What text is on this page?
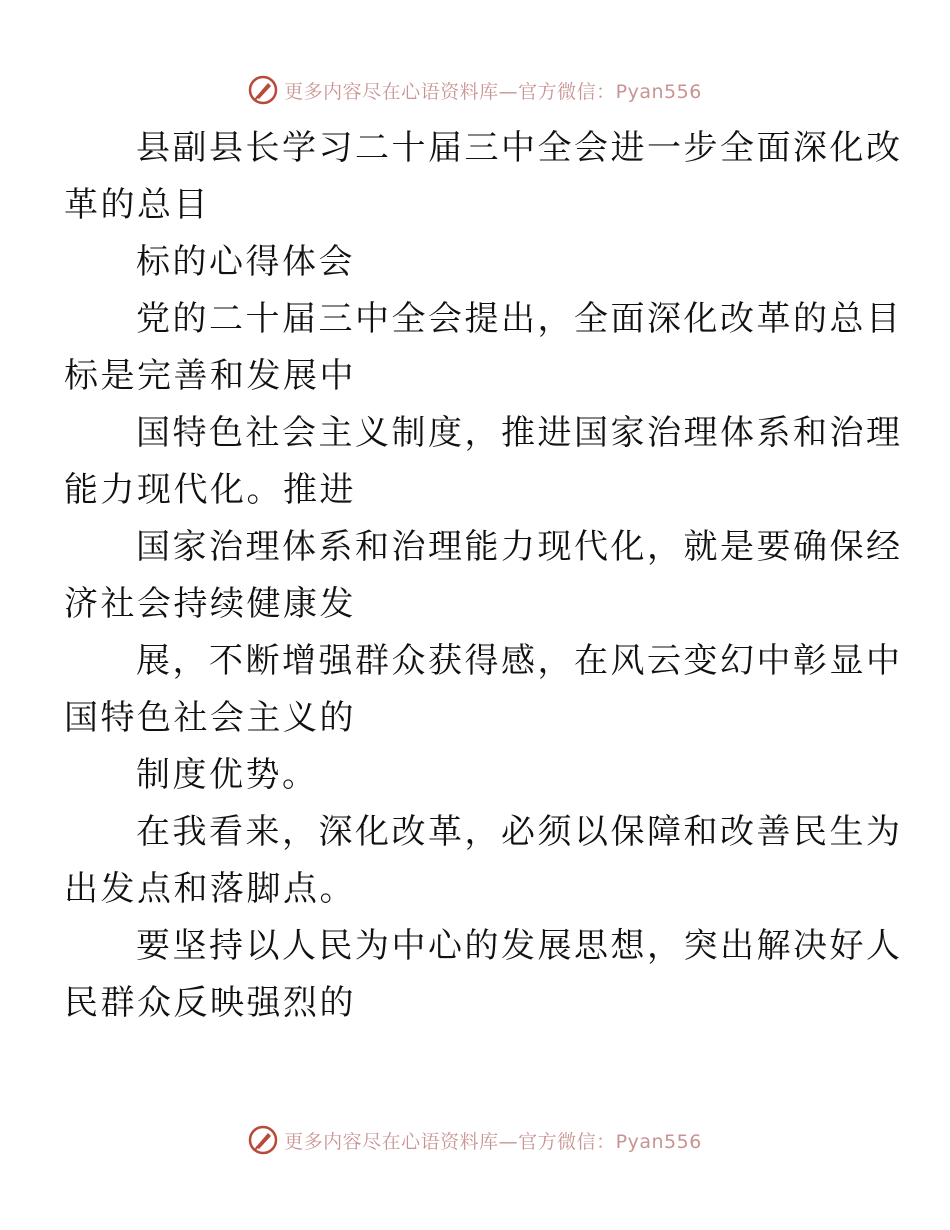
更多内容尽在心语资料库—官方微信：Pyan556

县副县长学习二十届三中全会进一步全面深化改
革的总目

标的心得体会

党的二十届三中全会提出，全面深化改革的总目
标是完善和发展中

国特色社会主义制度，推进国家治理体系和治理
能力现代化。推进

国家治理体系和治理能力现代化，就是要确保经
济社会持续健康发

展，不断增强群众获得感，在风云变幻中彰显中
国特色社会主义的

制度优势。

在我看来，深化改革，必须以保障和改善民生为
出发点和落脚点。

要坚持以人民为中心的发展思想，突出解决好人
民群众反映强烈的

更多内容尽在心语资料库—官方微信：Pyan556
